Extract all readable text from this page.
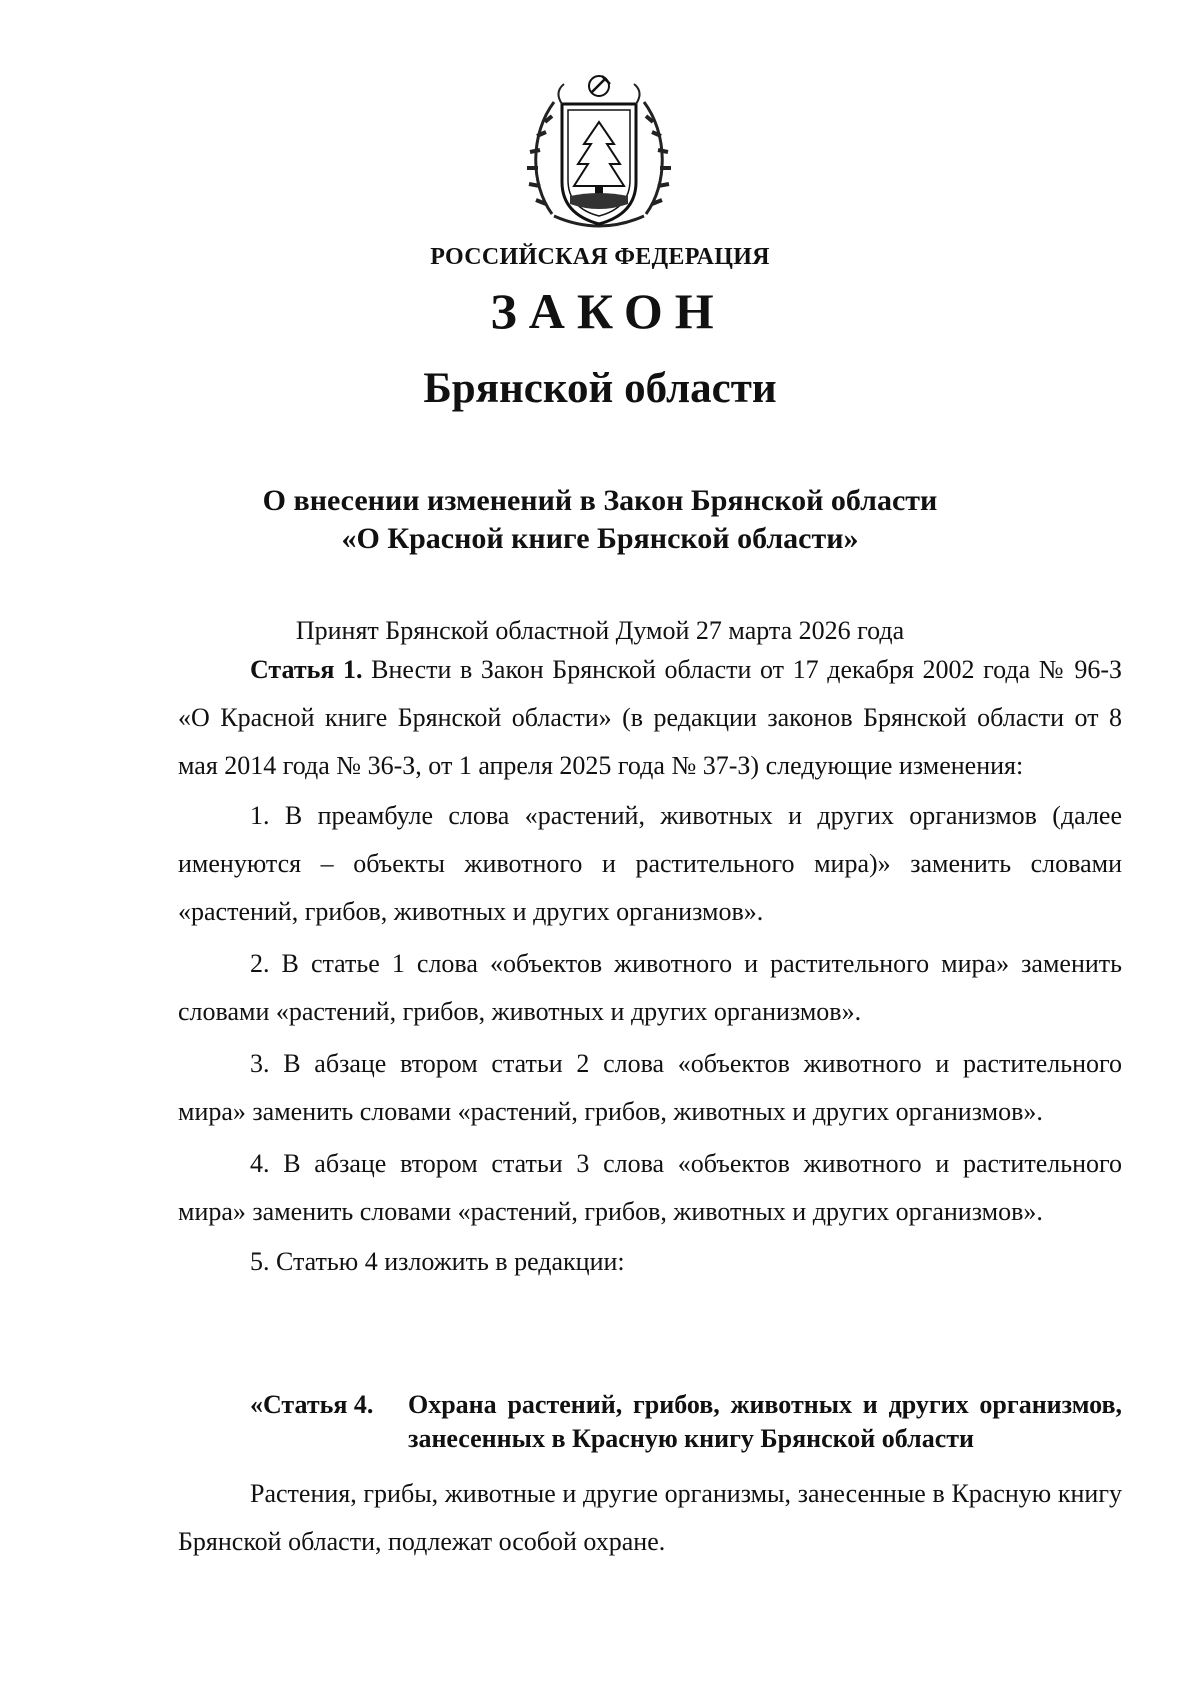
РОССИЙСКАЯ ФЕДЕРАЦИЯ
ЗАКОН
Брянской области
О внесении изменений в Закон Брянской области
«О Красной книге Брянской области»
Принят Брянской областной Думой 27 марта 2026 года

Статья 1. Внести в Закон Брянской области от 17 декабря 2002 года № 96-З «О Красной книге Брянской области» (в редакции законов Брянской области от 8 мая 2014 года № 36-З, от 1 апреля 2025 года № 37-З) следующие изменения:

1. В преамбуле слова «растений, животных и других организмов (далее именуются – объекты животного и растительного мира)» заменить словами «растений, грибов, животных и других организмов».

2. В статье 1 слова «объектов животного и растительного мира» заменить словами «растений, грибов, животных и других организмов».

3. В абзаце втором статьи 2 слова «объектов животного и растительного мира» заменить словами «растений, грибов, животных и других организмов».

4. В абзаце втором статьи 3 слова «объектов животного и растительного мира» заменить словами «растений, грибов, животных и других организмов».

5. Статью 4 изложить в редакции:

«Статья 4.	Охрана растений, грибов, животных и других организмов, занесенных в Красную книгу Брянской области

Растения, грибы, животные и другие организмы, занесенные в Красную книгу Брянской области, подлежат особой охране.
